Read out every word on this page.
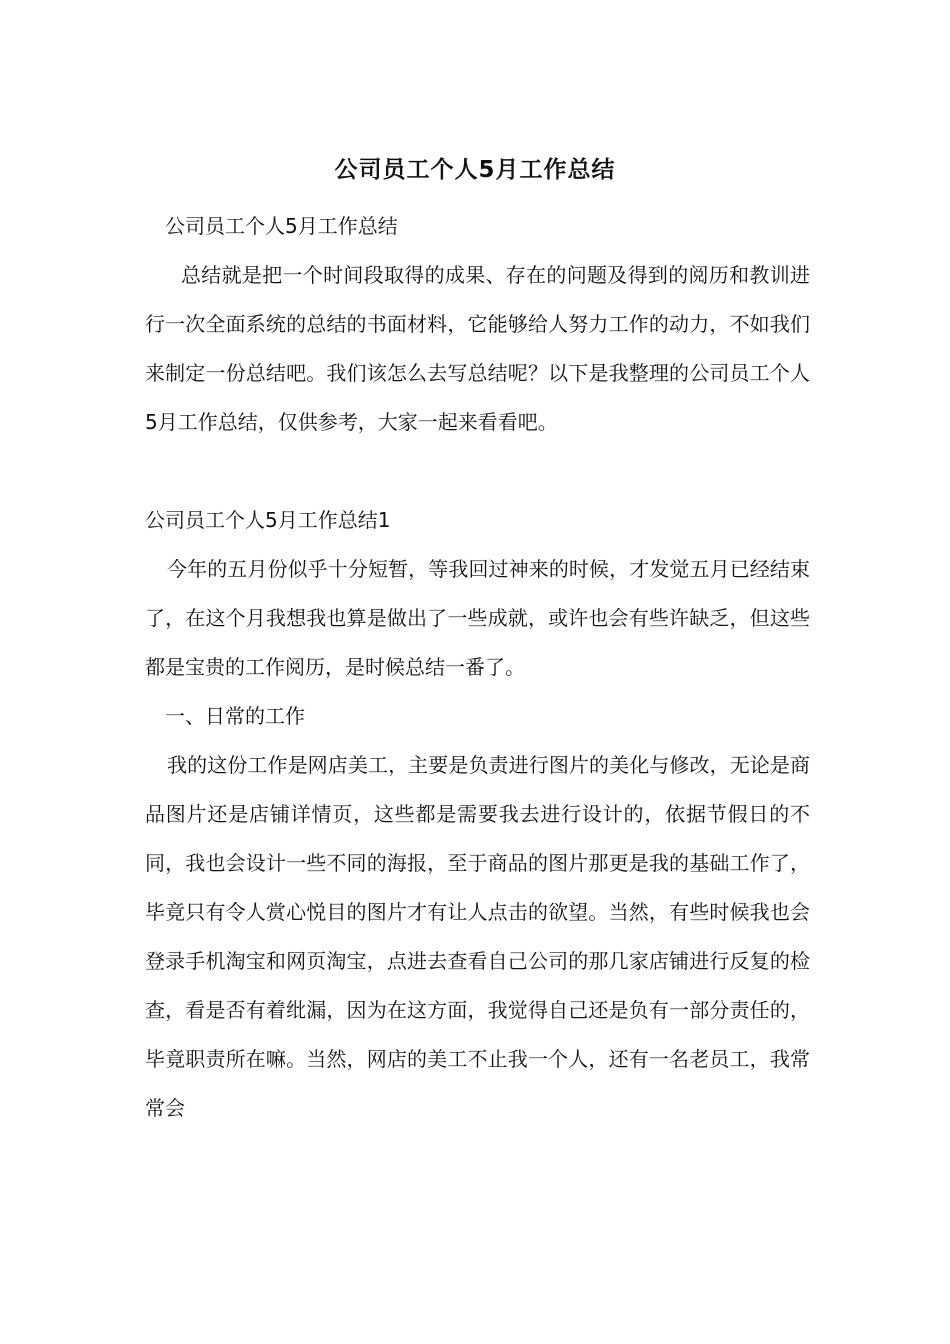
公司员工个人5月工作总结

公司员工个人5月工作总结

总结就是把一个时间段取得的成果、存在的问题及得到的阅历和教训进行一次全面系统的总结的书面材料，它能够给人努力工作的动力，不如我们来制定一份总结吧。我们该怎么去写总结呢？以下是我整理的公司员工个人5月工作总结，仅供参考，大家一起来看看吧。

公司员工个人5月工作总结1

今年的五月份似乎十分短暂，等我回过神来的时候，才发觉五月已经结束了，在这个月我想我也算是做出了一些成就，或许也会有些许缺乏，但这些都是宝贵的工作阅历，是时候总结一番了。

一、日常的工作

我的这份工作是网店美工，主要是负责进行图片的美化与修改，无论是商品图片还是店铺详情页，这些都是需要我去进行设计的，依据节假日的不同，我也会设计一些不同的海报，至于商品的图片那更是我的基础工作了，毕竟只有令人赏心悦目的图片才有让人点击的欲望。当然，有些时候我也会登录手机淘宝和网页淘宝，点进去查看自己公司的那几家店铺进行反复的检查，看是否有着纰漏，因为在这方面，我觉得自己还是负有一部分责任的，毕竟职责所在嘛。当然，网店的美工不止我一个人，还有一名老员工，我常常会
